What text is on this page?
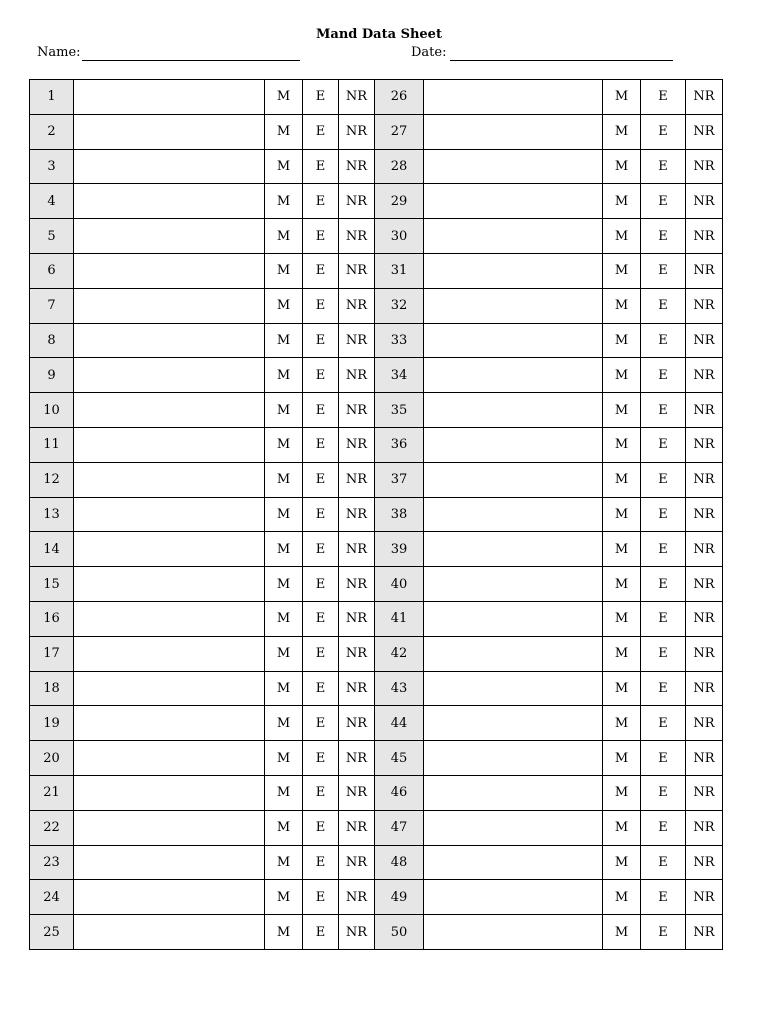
Mand Data Sheet
Name:	Date:
1		M	E	NR	26		M	E	NR
2		M	E	NR	27		M	E	NR
3		M	E	NR	28		M	E	NR
4		M	E	NR	29		M	E	NR
5		M	E	NR	30		M	E	NR
6		M	E	NR	31		M	E	NR
7		M	E	NR	32		M	E	NR
8		M	E	NR	33		M	E	NR
9		M	E	NR	34		M	E	NR
10		M	E	NR	35		M	E	NR
11		M	E	NR	36		M	E	NR
12		M	E	NR	37		M	E	NR
13		M	E	NR	38		M	E	NR
14		M	E	NR	39		M	E	NR
15		M	E	NR	40		M	E	NR
16		M	E	NR	41		M	E	NR
17		M	E	NR	42		M	E	NR
18		M	E	NR	43		M	E	NR
19		M	E	NR	44		M	E	NR
20		M	E	NR	45		M	E	NR
21		M	E	NR	46		M	E	NR
22		M	E	NR	47		M	E	NR
23		M	E	NR	48		M	E	NR
24		M	E	NR	49		M	E	NR
25		M	E	NR	50		M	E	NR
